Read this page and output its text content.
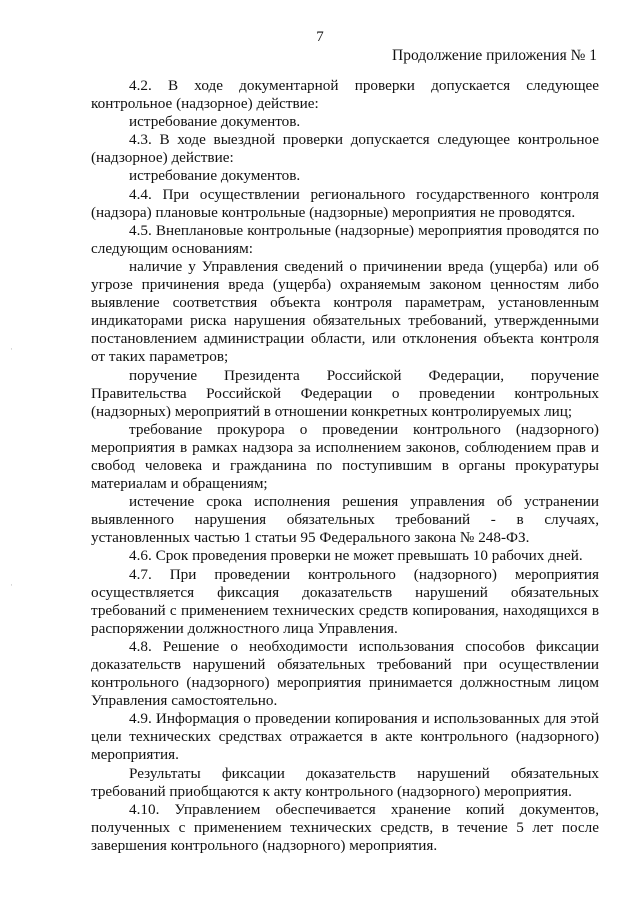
7
Продолжение приложения № 1

4.2. В ходе документарной проверки допускается следующее контрольное (надзорное) действие:

истребование документов.

4.3. В ходе выездной проверки допускается следующее контрольное (надзорное) действие:

истребование документов.

4.4. При осуществлении регионального государственного контроля (надзора) плановые контрольные (надзорные) мероприятия не проводятся.

4.5. Внеплановые контрольные (надзорные) мероприятия проводятся по следующим основаниям:

наличие у Управления сведений о причинении вреда (ущерба) или об угрозе причинения вреда (ущерба) охраняемым законом ценностям либо выявление соответствия объекта контроля параметрам, установленным индикаторами риска нарушения обязательных требований, утвержденными постановлением администрации области, или отклонения объекта контроля от таких параметров;

поручение Президента Российской Федерации, поручение Правительства Российской Федерации о проведении контрольных (надзорных) мероприятий в отношении конкретных контролируемых лиц;

требование прокурора о проведении контрольного (надзорного) мероприятия в рамках надзора за исполнением законов, соблюдением прав и свобод человека и гражданина по поступившим в органы прокуратуры материалам и обращениям;

истечение срока исполнения решения управления об устранении выявленного нарушения обязательных требований - в случаях, установленных частью 1 статьи 95 Федерального закона № 248-ФЗ.

4.6. Срок проведения проверки не может превышать 10 рабочих дней.

4.7. При проведении контрольного (надзорного) мероприятия осуществляется фиксация доказательств нарушений обязательных требований с применением технических средств копирования, находящихся в распоряжении должностного лица Управления.

4.8. Решение о необходимости использования способов фиксации доказательств нарушений обязательных требований при осуществлении контрольного (надзорного) мероприятия принимается должностным лицом Управления самостоятельно.

4.9. Информация о проведении копирования и использованных для этой цели технических средствах отражается в акте контрольного (надзорного) мероприятия.

Результаты фиксации доказательств нарушений обязательных требований приобщаются к акту контрольного (надзорного) мероприятия.

4.10. Управлением обеспечивается хранение копий документов, полученных с применением технических средств, в течение 5 лет после завершения контрольного (надзорного) мероприятия.

·
·
